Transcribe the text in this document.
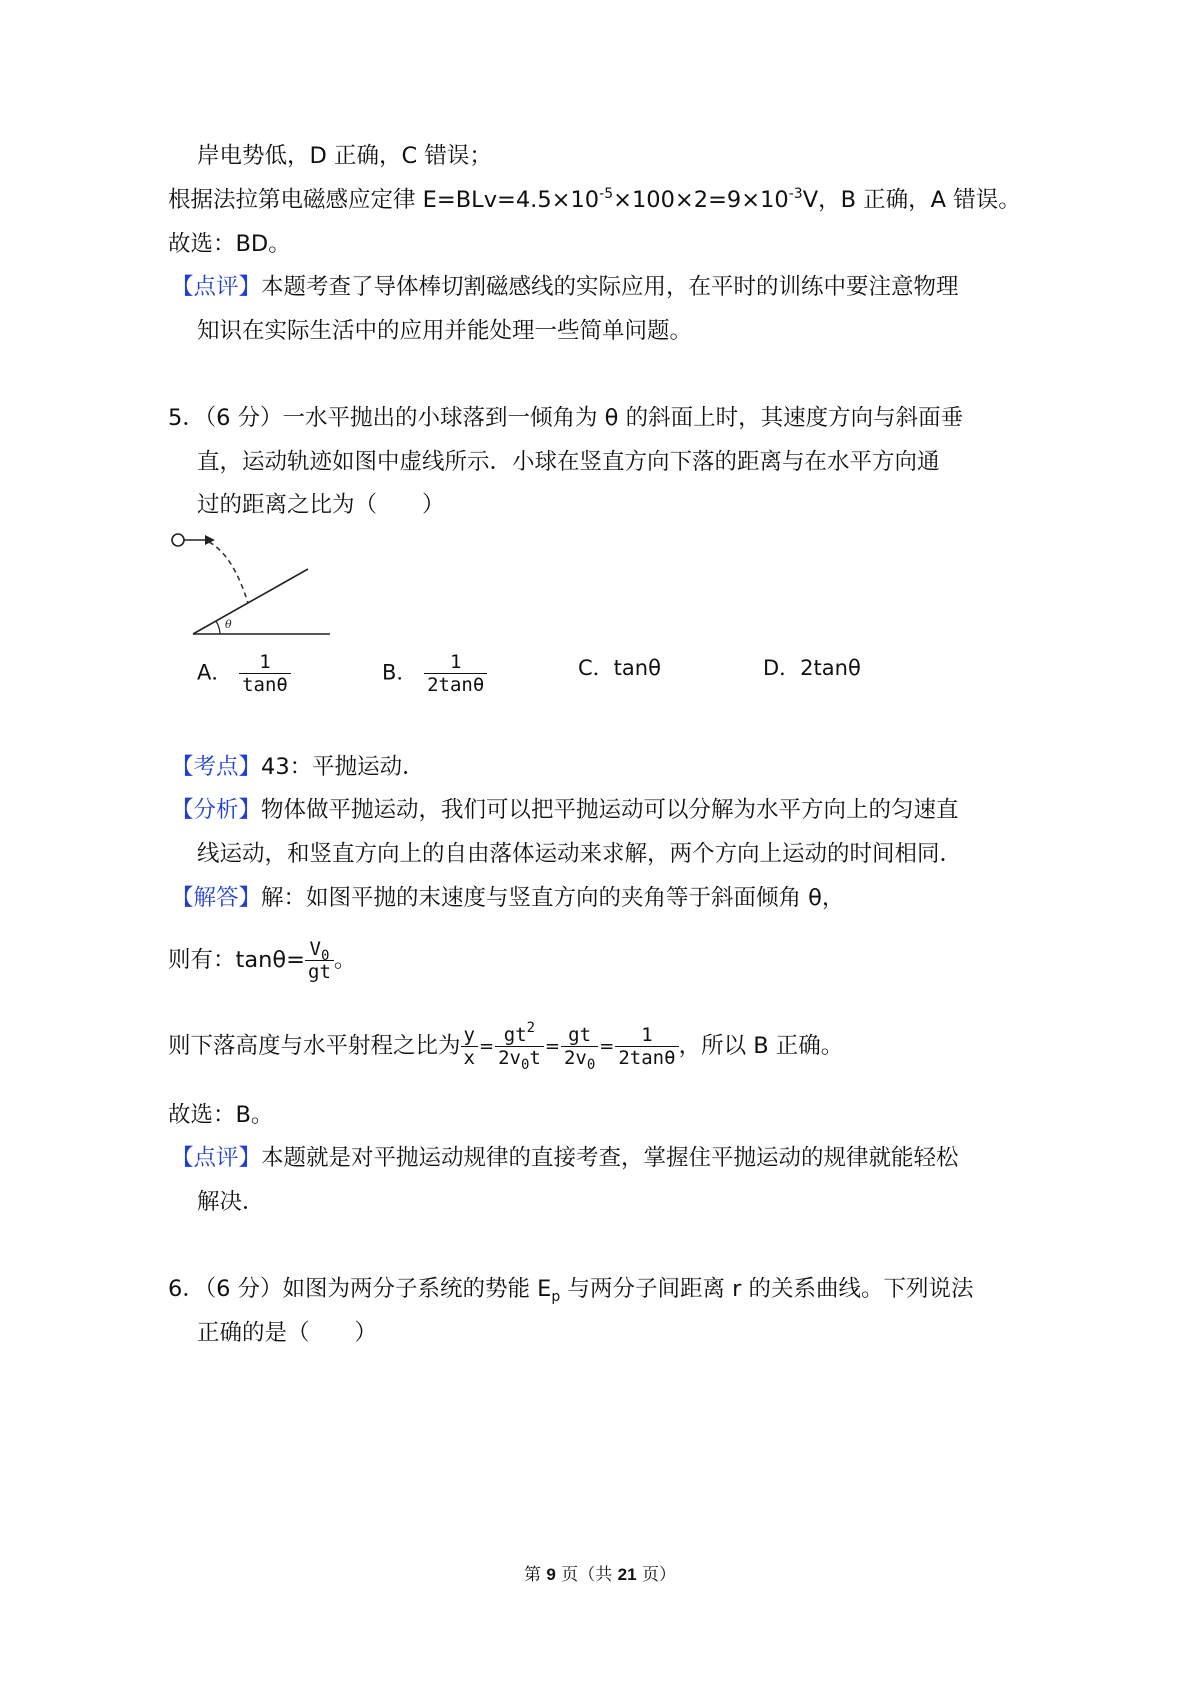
岸电势低，D 正确，C 错误；
根据法拉第电磁感应定律 $E=BLv=4.5\times 10^{-5}\times 100\times 2=9\times 10^{-3}V$，B 正确，A 错误。
故选：BD。
【点评】本题考查了导体棒切割磁感线的实际应用，在平时的训练中要注意物理
知识在实际生活中的应用并能处理一些简单问题。
5．（6 分）一水平抛出的小球落到一倾角为 θ 的斜面上时，其速度方向与斜面垂
直，运动轨迹如图中虚线所示．小球在竖直方向下落的距离与在水平方向通
过的距离之比为（　　）
θ
A． $\frac{1}{\tan\theta}$	B． $\frac{1}{2\tan\theta}$	C．tanθ	D．2tanθ
【考点】43：平抛运动．
【分析】物体做平抛运动，我们可以把平抛运动可以分解为水平方向上的匀速直
线运动，和竖直方向上的自由落体运动来求解，两个方向上运动的时间相同．
【解答】解：如图平抛的末速度与竖直方向的夹角等于斜面倾角 θ，
则有：$\tan\theta= \frac{V_0}{gt}$ 。
则下落高度与水平射程之比为 $\frac{y}{x} = \frac{gt^2}{2v_0t} = \frac{gt}{2v_0} = \frac{1}{2\tan\theta}$ ，所以 B 正确。
故选：B。
【点评】本题就是对平抛运动规律的直接考查，掌握住平抛运动的规律就能轻松
解决．
6．（6 分）如图为两分子系统的势能 $E_p$ 与两分子间距离 r 的关系曲线。下列说法
正确的是（　　）
第 9 页（共 21 页）
